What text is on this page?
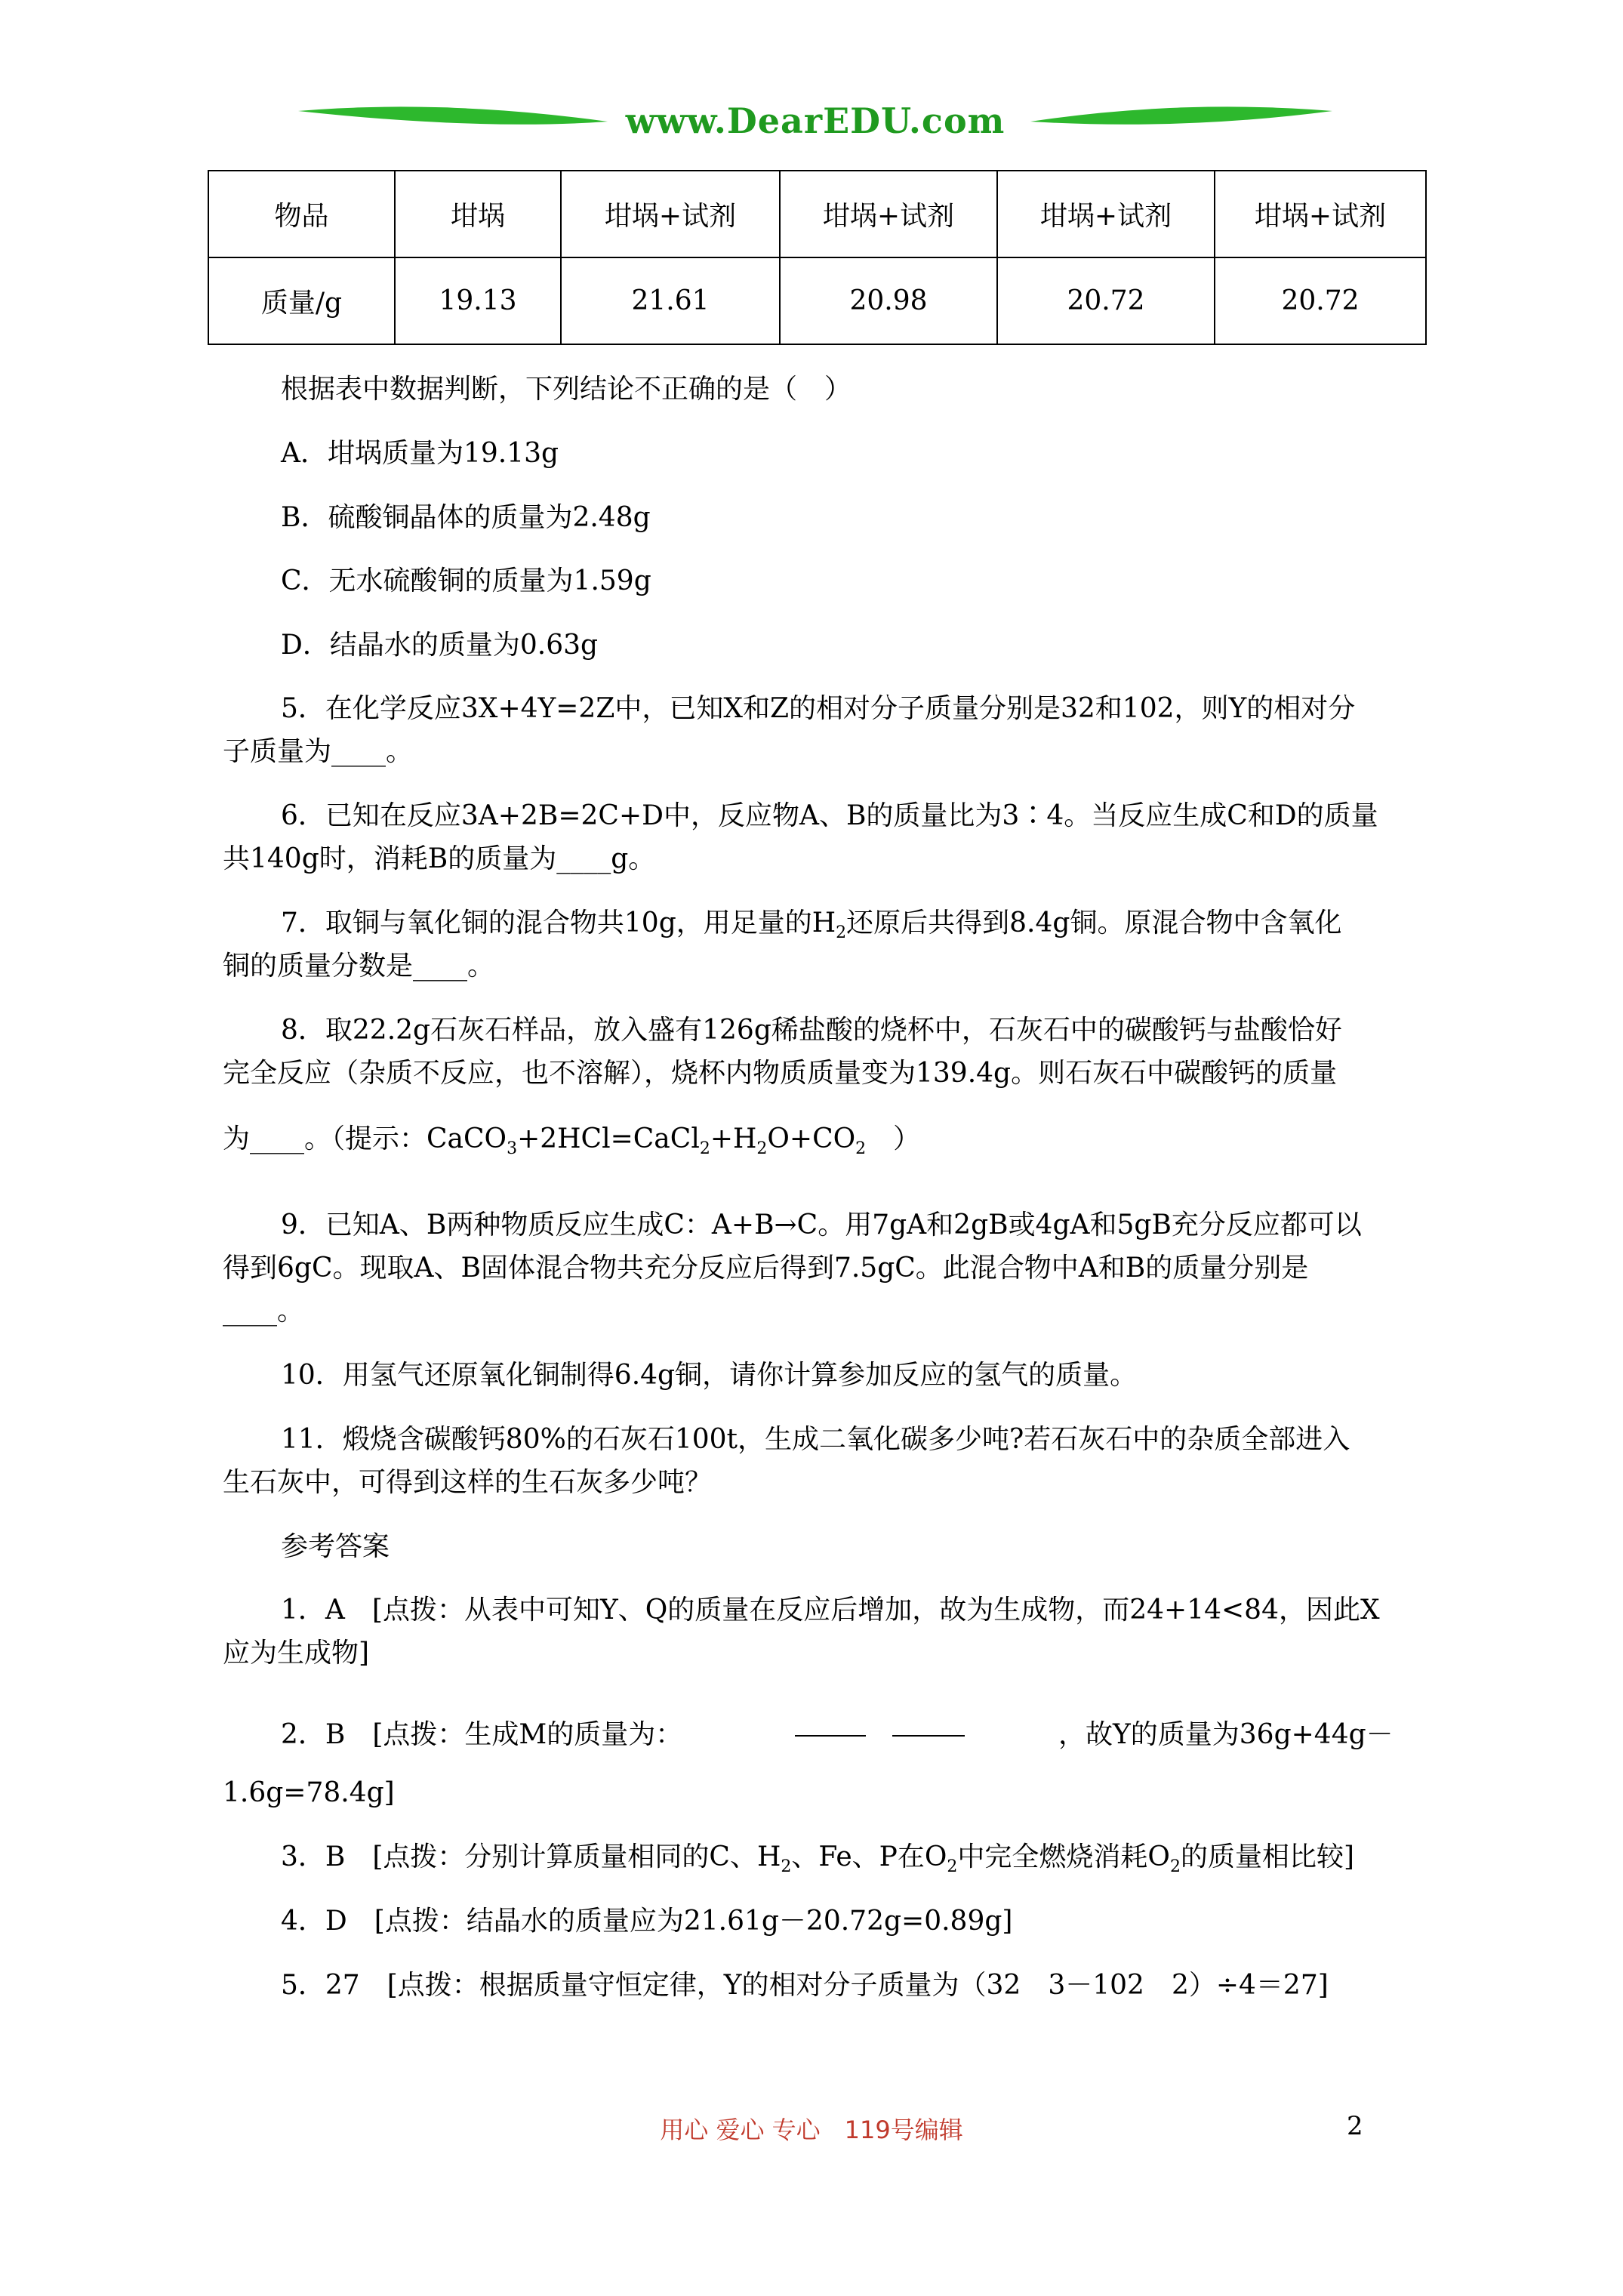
www.DearEDU.com
物品	坩埚	坩埚+试剂	坩埚+试剂	坩埚+试剂	坩埚+试剂
质量/g	19.13	21.61	20.98	20.72	20.72
根据表中数据判断，下列结论不正确的是（　）
A．坩埚质量为19.13g
B．硫酸铜晶体的质量为2.48g
C．无水硫酸铜的质量为1.59g
D．结晶水的质量为0.63g
5．在化学反应3X+4Y=2Z中，已知X和Z的相对分子质量分别是32和102，则Y的相对分
子质量为____。
6．已知在反应3A+2B=2C+D中，反应物A、B的质量比为3∶4。当反应生成C和D的质量
共140g时，消耗B的质量为____g。
7．取铜与氧化铜的混合物共10g，用足量的$H_2$还原后共得到8.4g铜。原混合物中含氧化
铜的质量分数是____。
8．取22.2g石灰石样品，放入盛有126g稀盐酸的烧杯中，石灰石中的碳酸钙与盐酸恰好
完全反应（杂质不反应，也不溶解），烧杯内物质质量变为139.4g。则石灰石中碳酸钙的质量
为____。（提示：$CaCO_3+2HCl=CaCl_2+H_2O+CO_2$　）
9．已知A、B两种物质反应生成C：A+B→C。用7gA和2gB或4gA和5gB充分反应都可以
得到6gC。现取A、B固体混合物共充分反应后得到7.5gC。此混合物中A和B的质量分别是
____。
10．用氢气还原氧化铜制得6.4g铜，请你计算参加反应的氢气的质量。
11．煅烧含碳酸钙80%的石灰石100t，生成二氧化碳多少吨?若石灰石中的杂质全部进入
生石灰中，可得到这样的生石灰多少吨？
参考答案
1．A　[点拨：从表中可知Y、Q的质量在反应后增加，故为生成物，而24+14<84，因此X
应为生成物]
2．B　[点拨：生成M的质量为：	，故Y的质量为36g+44g－
1.6g=78.4g]
3．B　[点拨：分别计算质量相同的C、$H_2$、Fe、P在$O_2$中完全燃烧消耗$O_2$的质量相比较]
4．D　[点拨：结晶水的质量应为21.61g－20.72g=0.89g]
5．27　[点拨：根据质量守恒定律，Y的相对分子质量为（32　3－102　2）÷4＝27]
用心 爱心 专心　119号编辑	2
